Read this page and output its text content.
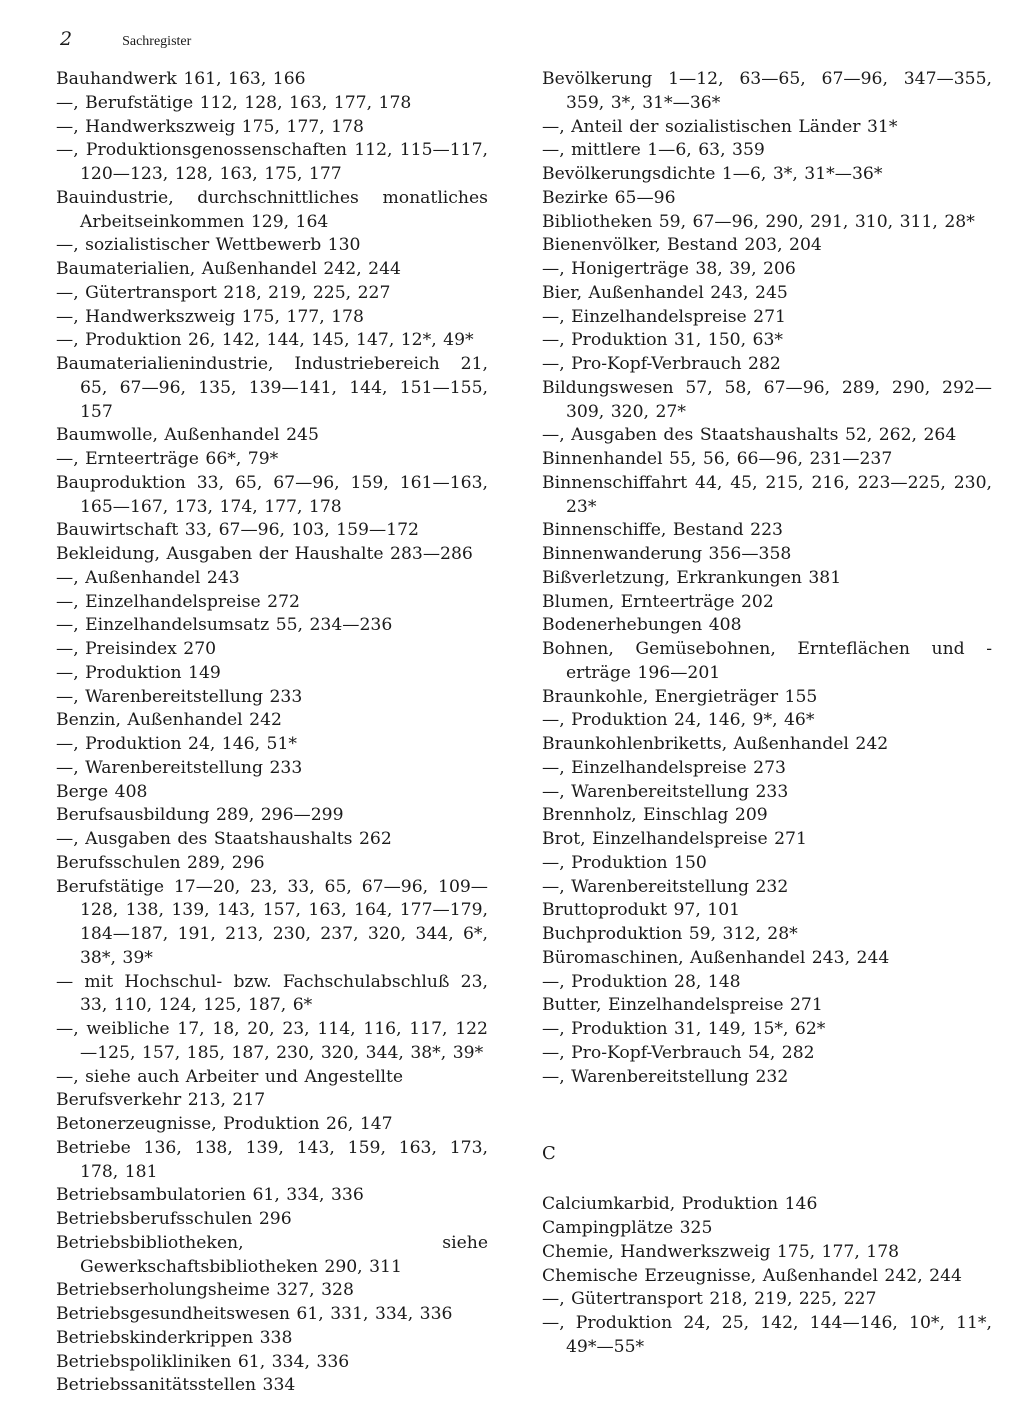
2	Sachregister
Bauhandwerk 161, 163, 166
—, Berufstätige 112, 128, 163, 177, 178
—, Handwerkszweig 175, 177, 178
—, Produktionsgenossenschaften 112, 115—117, 120—123, 128, 163, 175, 177
Bauindustrie, durchschnittliches monatliches Arbeitseinkommen 129, 164
—, sozialistischer Wettbewerb 130
Baumaterialien, Außenhandel 242, 244
—, Gütertransport 218, 219, 225, 227
—, Handwerkszweig 175, 177, 178
—, Produktion 26, 142, 144, 145, 147, 12*, 49*
Baumaterialienindustrie, Industriebereich 21, 65, 67—96, 135, 139—141, 144, 151—155, 157
Baumwolle, Außenhandel 245
—, Ernteerträge 66*, 79*
Bauproduktion 33, 65, 67—96, 159, 161—163, 165—167, 173, 174, 177, 178
Bauwirtschaft 33, 67—96, 103, 159—172
Bekleidung, Ausgaben der Haushalte 283—286
—, Außenhandel 243
—, Einzelhandelspreise 272
—, Einzelhandelsumsatz 55, 234—236
—, Preisindex 270
—, Produktion 149
—, Warenbereitstellung 233
Benzin, Außenhandel 242
—, Produktion 24, 146, 51*
—, Warenbereitstellung 233
Berge 408
Berufsausbildung 289, 296—299
—, Ausgaben des Staatshaushalts 262
Berufsschulen 289, 296
Berufstätige 17—20, 23, 33, 65, 67—96, 109—128, 138, 139, 143, 157, 163, 164, 177—179, 184—187, 191, 213, 230, 237, 320, 344, 6*, 38*, 39*
— mit Hochschul- bzw. Fachschulabschluß 23, 33, 110, 124, 125, 187, 6*
—, weibliche 17, 18, 20, 23, 114, 116, 117, 122—125, 157, 185, 187, 230, 320, 344, 38*, 39*
—, siehe auch Arbeiter und Angestellte
Berufsverkehr 213, 217
Betonerzeugnisse, Produktion 26, 147
Betriebe 136, 138, 139, 143, 159, 163, 173, 178, 181
Betriebsambulatorien 61, 334, 336
Betriebsberufsschulen 296
Betriebsbibliotheken, siehe Gewerkschaftsbibliotheken 290, 311
Betriebserholungsheime 327, 328
Betriebsgesundheitswesen 61, 331, 334, 336
Betriebskinderkrippen 338
Betriebspolikliniken 61, 334, 336
Betriebssanitätsstellen 334
Bevölkerung 1—12, 63—65, 67—96, 347—355, 359, 3*, 31*—36*
—, Anteil der sozialistischen Länder 31*
—, mittlere 1—6, 63, 359
Bevölkerungsdichte 1—6, 3*, 31*—36*
Bezirke 65—96
Bibliotheken 59, 67—96, 290, 291, 310, 311, 28*
Bienenvölker, Bestand 203, 204
—, Honigerträge 38, 39, 206
Bier, Außenhandel 243, 245
—, Einzelhandelspreise 271
—, Produktion 31, 150, 63*
—, Pro-Kopf-Verbrauch 282
Bildungswesen 57, 58, 67—96, 289, 290, 292—309, 320, 27*
—, Ausgaben des Staatshaushalts 52, 262, 264
Binnenhandel 55, 56, 66—96, 231—237
Binnenschiffahrt 44, 45, 215, 216, 223—225, 230, 23*
Binnenschiffe, Bestand 223
Binnenwanderung 356—358
Bißverletzung, Erkrankungen 381
Blumen, Ernteerträge 202
Bodenerhebungen 408
Bohnen, Gemüsebohnen, Ernteflächen und -erträge 196—201
Braunkohle, Energieträger 155
—, Produktion 24, 146, 9*, 46*
Braunkohlenbriketts, Außenhandel 242
—, Einzelhandelspreise 273
—, Warenbereitstellung 233
Brennholz, Einschlag 209
Brot, Einzelhandelspreise 271
—, Produktion 150
—, Warenbereitstellung 232
Bruttoprodukt 97, 101
Buchproduktion 59, 312, 28*
Büromaschinen, Außenhandel 243, 244
—, Produktion 28, 148
Butter, Einzelhandelspreise 271
—, Produktion 31, 149, 15*, 62*
—, Pro-Kopf-Verbrauch 54, 282
—, Warenbereitstellung 232
C
Calciumkarbid, Produktion 146
Campingplätze 325
Chemie, Handwerkszweig 175, 177, 178
Chemische Erzeugnisse, Außenhandel 242, 244
—, Gütertransport 218, 219, 225, 227
—, Produktion 24, 25, 142, 144—146, 10*, 11*, 49*—55*
